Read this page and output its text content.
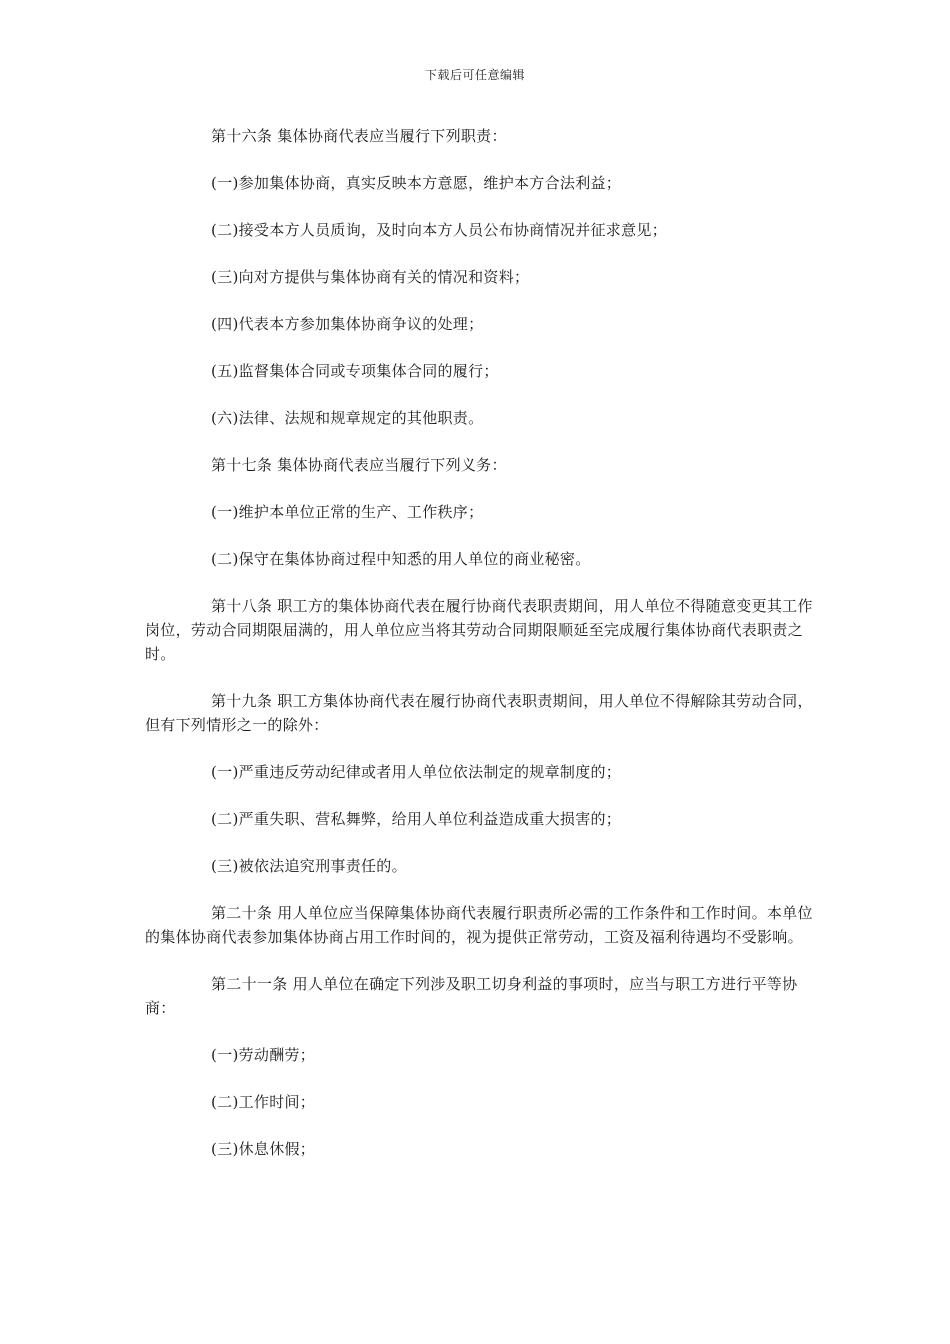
下载后可任意编辑

第十六条 集体协商代表应当履行下列职责：

(一)参加集体协商，真实反映本方意愿，维护本方合法利益；

(二)接受本方人员质询，及时向本方人员公布协商情况并征求意见；

(三)向对方提供与集体协商有关的情况和资料；

(四)代表本方参加集体协商争议的处理；

(五)监督集体合同或专项集体合同的履行；

(六)法律、法规和规章规定的其他职责。

第十七条 集体协商代表应当履行下列义务：

(一)维护本单位正常的生产、工作秩序；

(二)保守在集体协商过程中知悉的用人单位的商业秘密。

第十八条 职工方的集体协商代表在履行协商代表职责期间，用人单位不得随意变更其工作岗位，劳动合同期限届满的，用人单位应当将其劳动合同期限顺延至完成履行集体协商代表职责之时。

第十九条 职工方集体协商代表在履行协商代表职责期间，用人单位不得解除其劳动合同，但有下列情形之一的除外：

(一)严重违反劳动纪律或者用人单位依法制定的规章制度的；

(二)严重失职、营私舞弊，给用人单位利益造成重大损害的；

(三)被依法追究刑事责任的。

第二十条 用人单位应当保障集体协商代表履行职责所必需的工作条件和工作时间。本单位的集体协商代表参加集体协商占用工作时间的，视为提供正常劳动，工资及福利待遇均不受影响。

第二十一条 用人单位在确定下列涉及职工切身利益的事项时，应当与职工方进行平等协商：

(一)劳动酬劳；

(二)工作时间；

(三)休息休假；
